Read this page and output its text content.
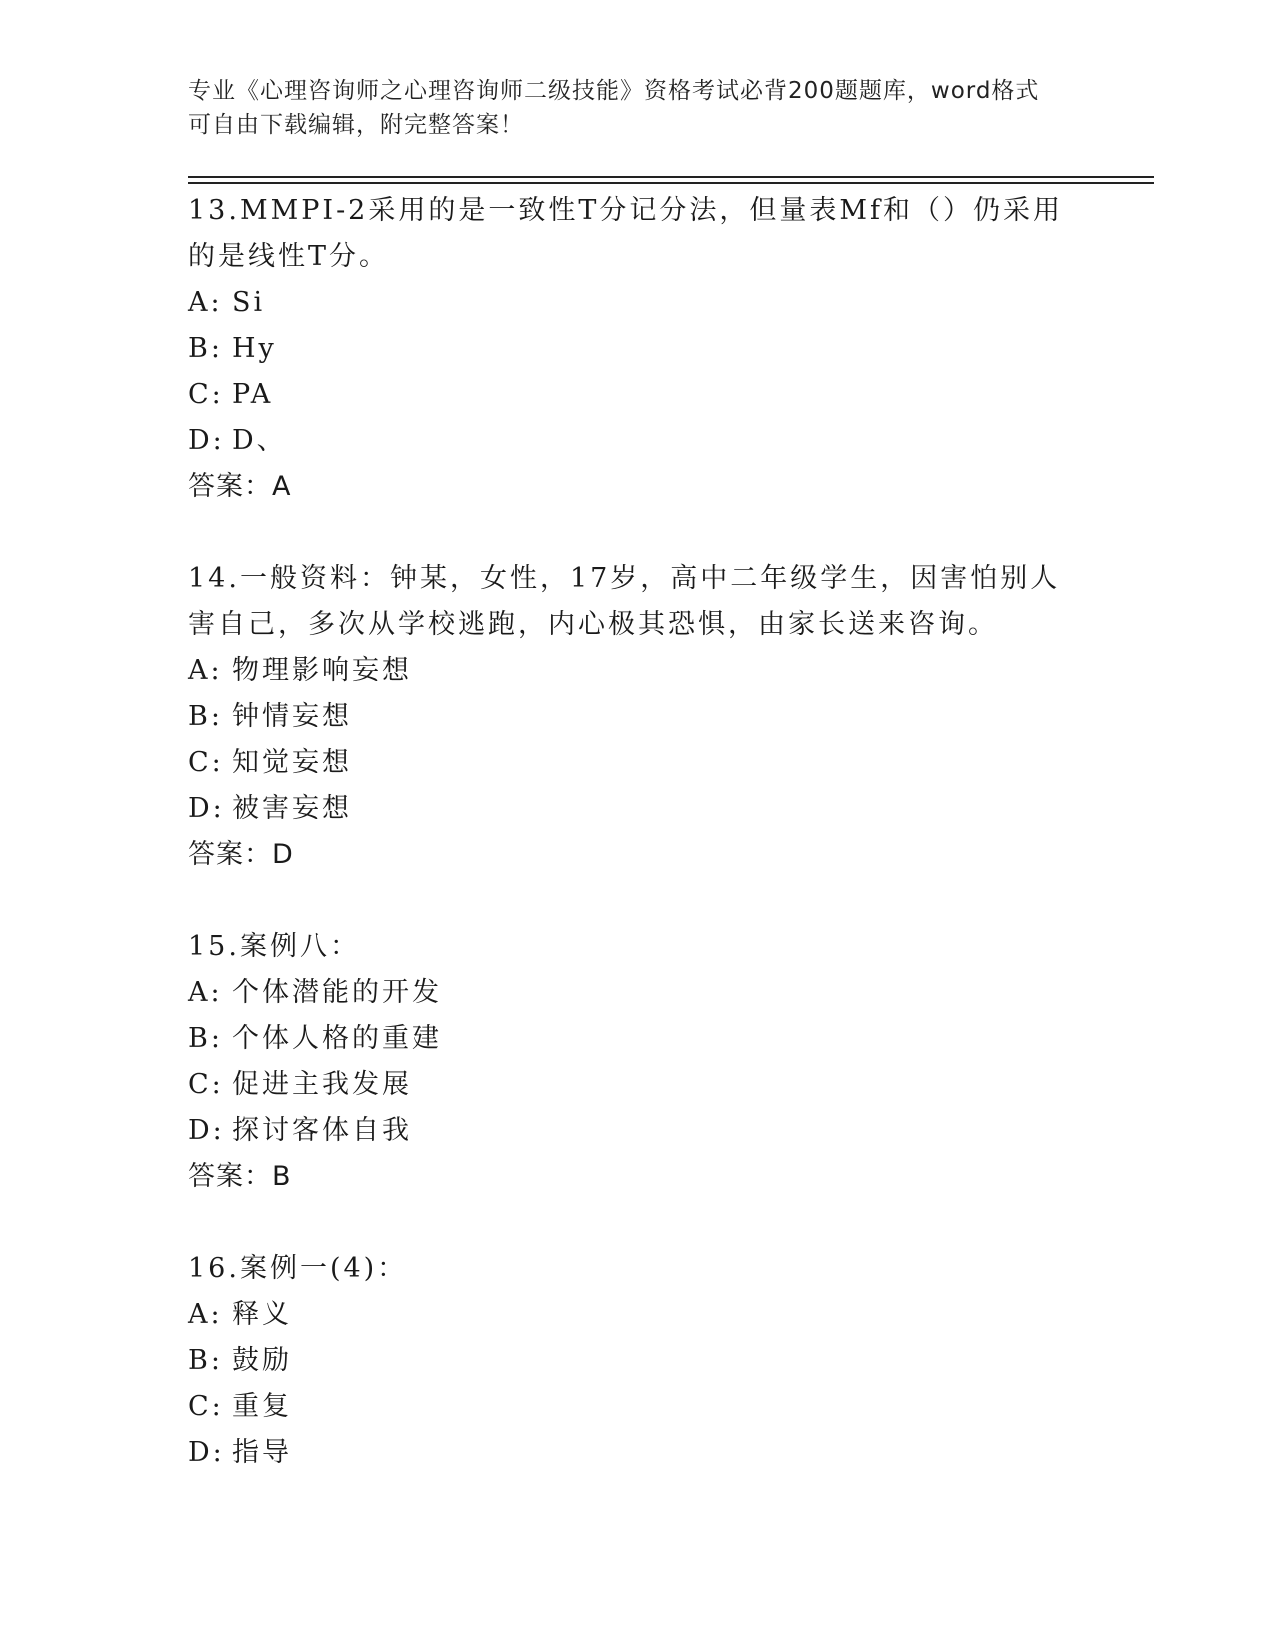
专业《心理咨询师之心理咨询师二级技能》资格考试必背200题题库，word格式
可自由下载编辑，附完整答案！

13.MMPI-2采用的是一致性T分记分法，但量表Mf和（）仍采用的是线性T分。

A: Si
B: Hy
C: PA
D: D、
答案：A

14.一般资料：钟某，女性，17岁，高中二年级学生，因害怕别人害自己，多次从学校逃跑，内心极其恐惧，由家长送来咨询。

A: 物理影响妄想
B: 钟情妄想
C: 知觉妄想
D: 被害妄想
答案：D

15.案例八：

A: 个体潜能的开发
B: 个体人格的重建
C: 促进主我发展
D: 探讨客体自我
答案：B

16.案例一(4)：

A: 释义
B: 鼓励
C: 重复
D: 指导
